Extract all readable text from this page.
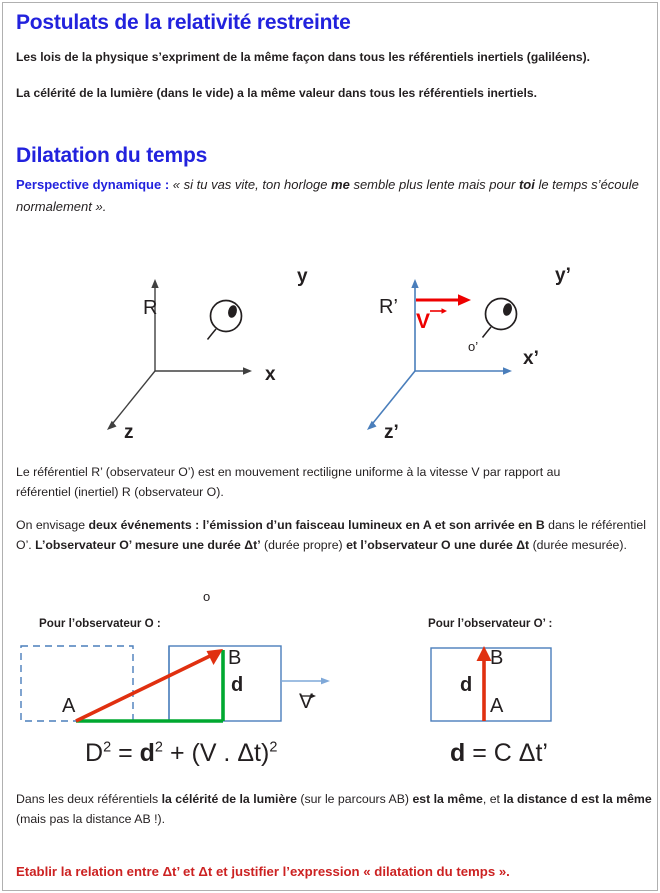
Postulats de la relativité restreinte
Les lois de la physique s’expriment de la même façon dans tous les référentiels inertiels (galiléens).
La célérité de la lumière (dans le vide) a la même valeur dans tous les référentiels inertiels.
Dilatation du temps
Perspective dynamique : « si tu vas vite, ton horloge me semble plus lente mais pour toi le temps s’écoule normalement ».
y
x
z
R
o
y’
x’
z’
R’
V
o’
Le référentiel R’ (observateur O’) est en mouvement rectiligne uniforme à la vitesse V par rapport au
référentiel (inertiel) R (observateur O).
On envisage deux événements : l’émission d’un faisceau lumineux en A et son arrivée en B dans le référentiel O’. L’observateur O’ mesure une durée Δt’ (durée propre) et l’observateur O une durée Δt (durée mesurée).
Pour l’observateur O :	Pour l’observateur O’ :
A
B
d
V
B
A
d
$D^2 = d^2 + (V$ . Δt)$^2$	d = C Δt’
Dans les deux référentiels la célérité de la lumière (sur le parcours AB) est la même, et la distance d est la même (mais pas la distance AB !).
Etablir la relation entre Δt’ et Δt et justifier l’expression « dilatation du temps ».
